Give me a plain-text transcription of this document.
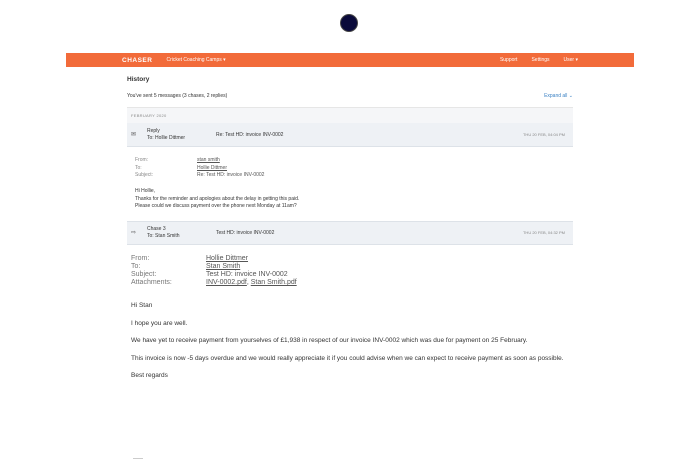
CHASER	Cricket Coaching Camps ▾	Support	Settings	User ▾
History
You've sent 5 messages (3 chases, 2 replies)	Expand all ⌄
FEBRUARY 2020
✉
Reply
To: Hollie Dittmer	Re: Test HD: invoice INV-0002	THU 20 FEB, 04:04 PM
From:	stan smith
To:	Hollie Dittmer
Subject:	Re: Test HD: invoice INV-0002
Hi Hollie,
Thanks for the reminder and apologies about the delay in getting this paid.
Please could we discuss payment over the phone next Monday at 11am?
⇨
Chase 3
To: Stan Smith	Test HD: invoice INV-0002	THU 20 FEB, 04:32 PM
From:	Hollie Dittmer
To:	Stan Smith
Subject:	Test HD: invoice INV-0002
Attachments:	INV-0002.pdf, Stan Smith.pdf

Hi Stan

I hope you are well.

We have yet to receive payment from yourselves of £1,938 in respect of our invoice INV-0002 which was due for payment on 25 February.

This invoice is now -5 days overdue and we would really appreciate it if you could advise when we can expect to receive payment as soon as possible.

Best regards
